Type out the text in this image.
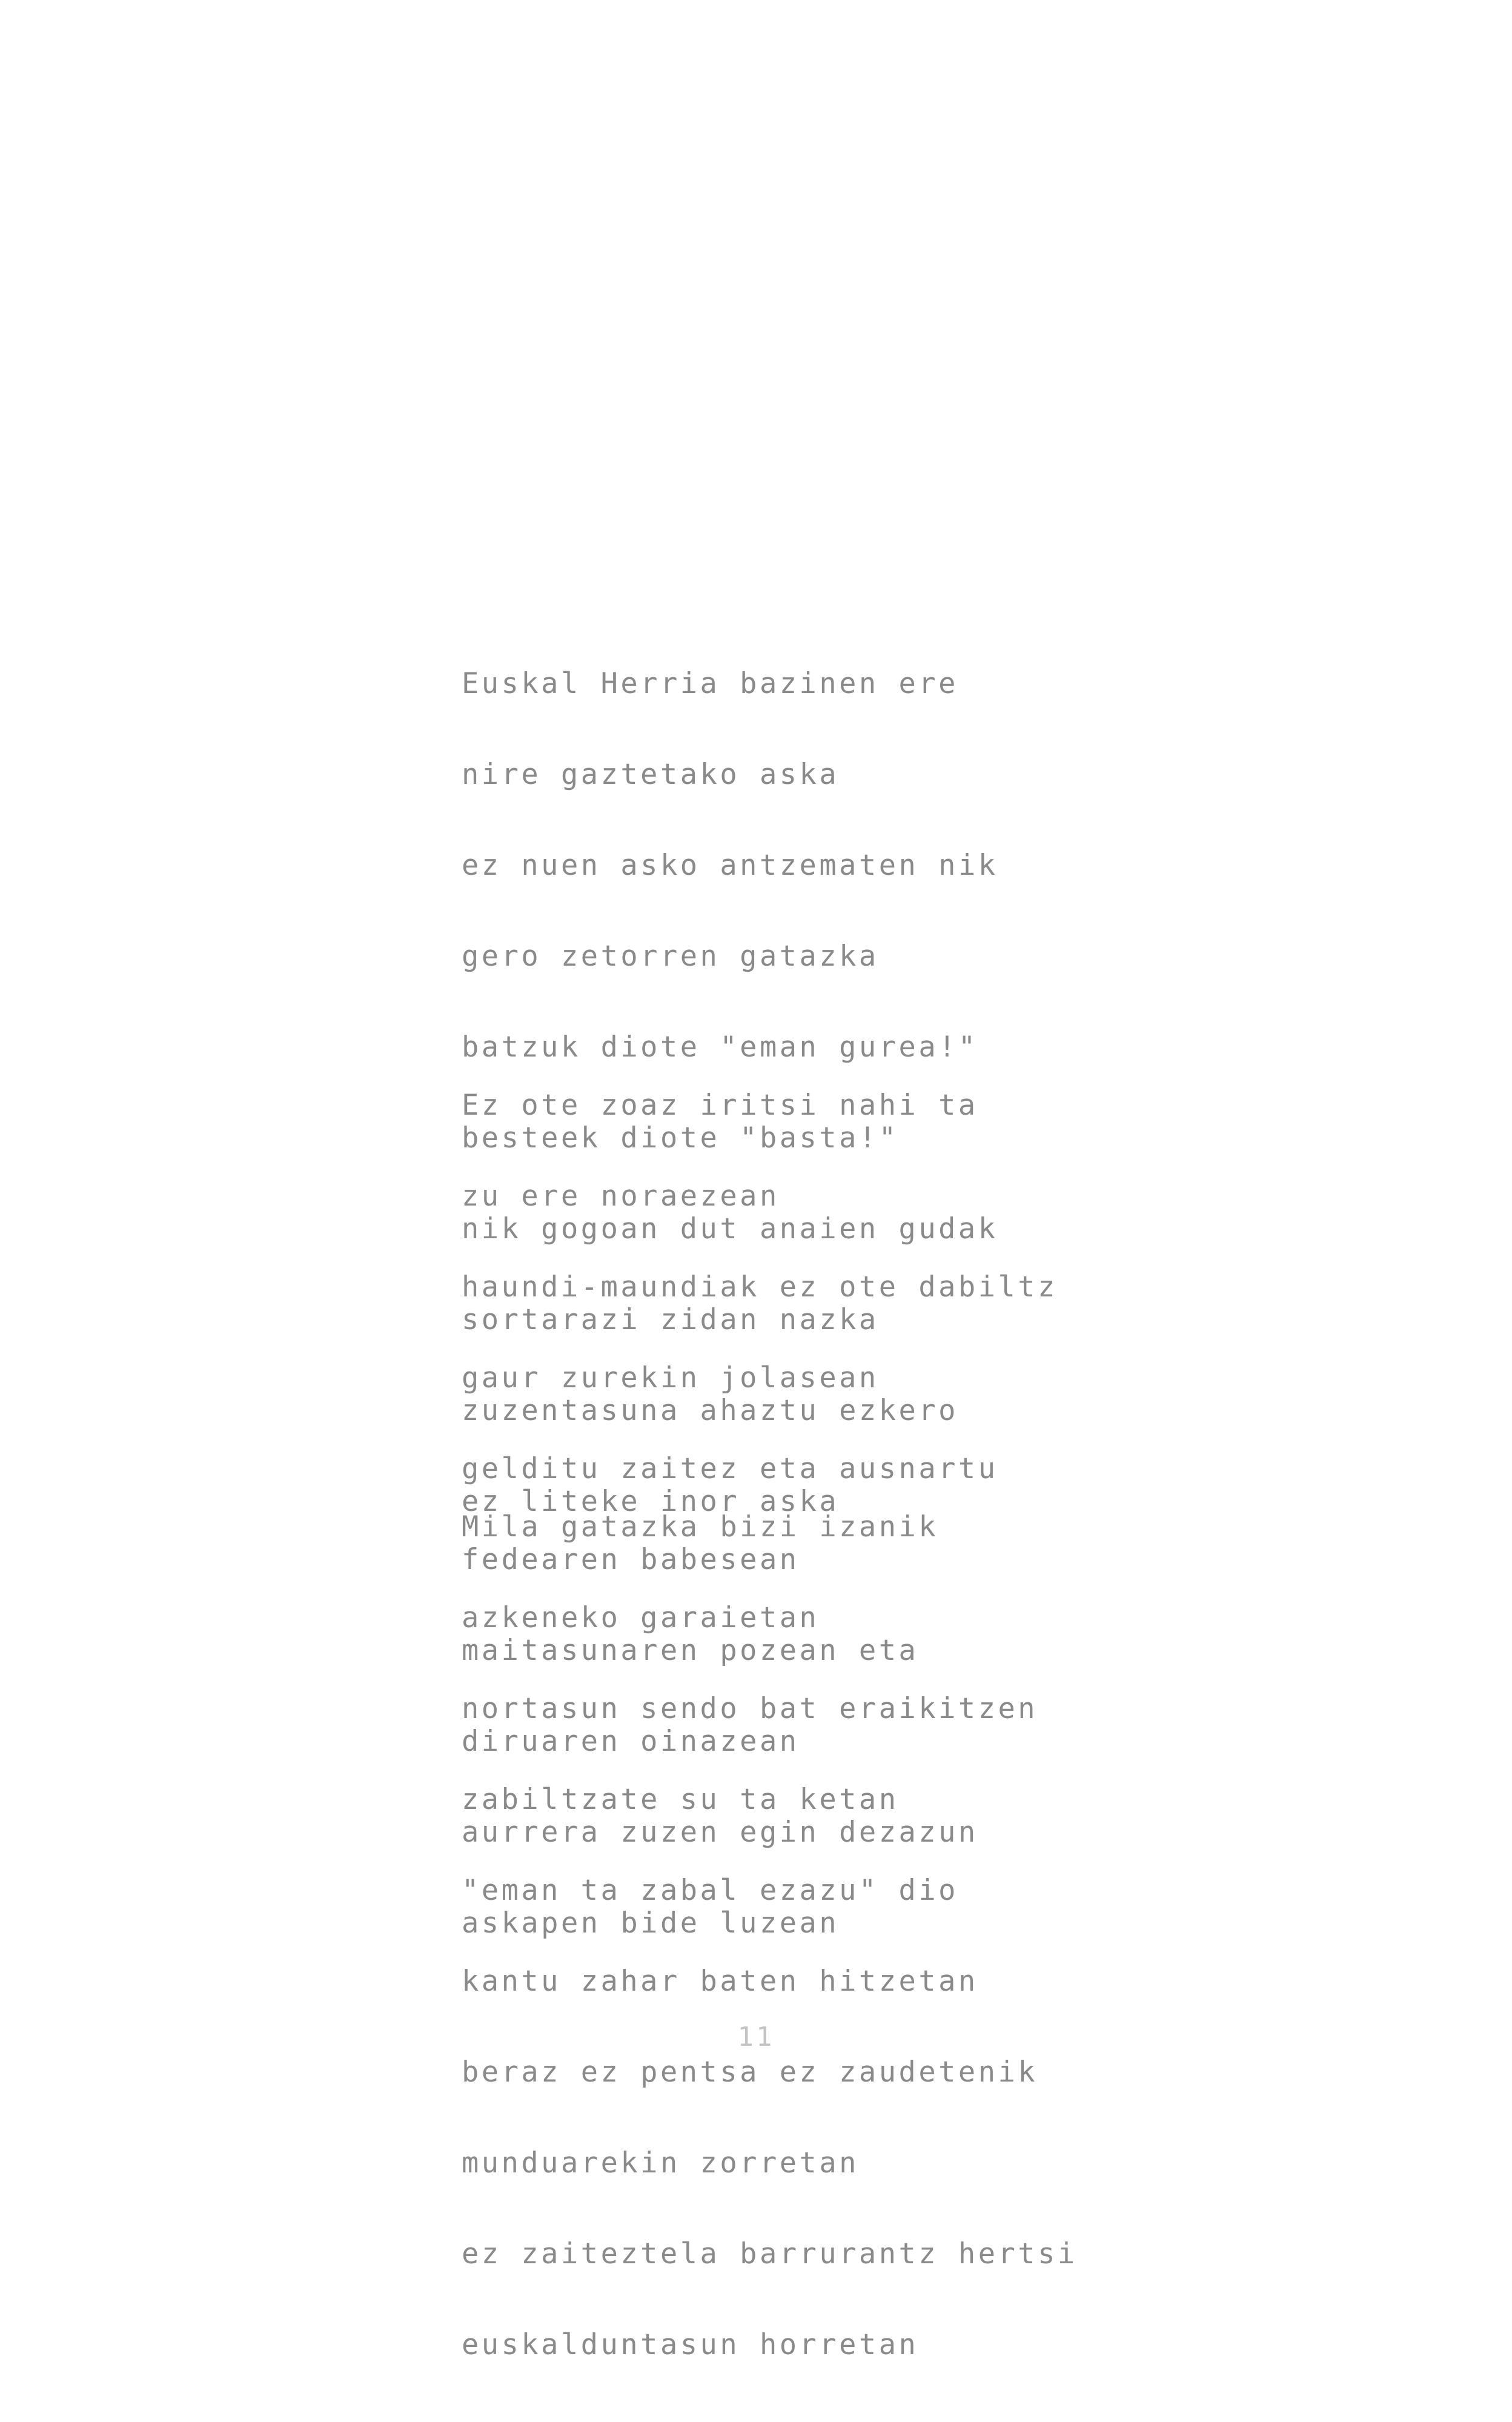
Euskal Herria bazinen ere

nire gaztetako aska

ez nuen asko antzematen nik

gero zetorren gatazka

batzuk diote "eman gurea!"

besteek diote "basta!"

nik gogoan dut anaien gudak

sortarazi zidan nazka

zuzentasuna ahaztu ezkero

ez liteke inor aska

Ez ote zoaz iritsi nahi ta

zu ere noraezean

haundi-maundiak ez ote dabiltz

gaur zurekin jolasean

gelditu zaitez eta ausnartu

fedearen babesean

maitasunaren pozean eta

diruaren oinazean

aurrera zuzen egin dezazun

askapen bide luzean

Mila gatazka bizi izanik

azkeneko garaietan

nortasun sendo bat eraikitzen

zabiltzate su ta ketan

"eman ta zabal ezazu" dio

kantu zahar baten hitzetan

beraz ez pentsa ez zaudetenik

munduarekin zorretan

ez zaiteztela barrurantz hertsi

euskalduntasun horretan

11
